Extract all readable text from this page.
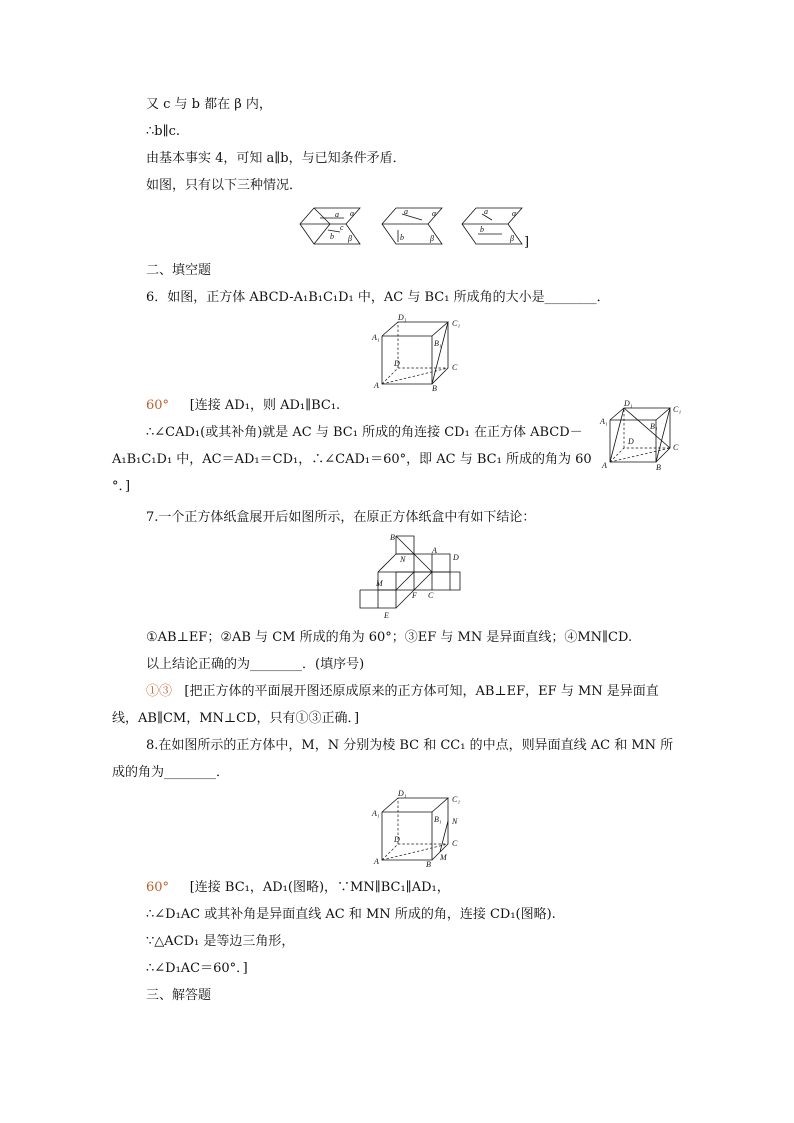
又 c 与 b 都在 β 内，
∴b∥c.
由基本事实 4，可知 a∥b，与已知条件矛盾．
如图，只有以下三种情况．
a α
c
b β
a	α
b	β
a	α
b
β ]
二、填空题
6．如图，正方体 ABCD-A₁B₁C₁D₁ 中，AC 与 BC₁ 所成角的大小是________．
D₁
C₁
A₁
B₁
D	C
A	B
60° [连接 AD₁，则 AD₁∥BC₁.
∴∠CAD₁(或其补角)就是 AC 与 BC₁ 所成的角连接 CD₁ 在正方体 ABCD－
A₁B₁C₁D₁ 中，AC＝AD₁＝CD₁，∴∠CAD₁＝60°，即 AC 与 BC₁ 所成的角为 60
°．]
D₁
C₁
A₁
B₁
D
C
A	B
7.一个正方体纸盒展开后如图所示，在原正方体纸盒中有如下结论：
B
N
A
D
M
F C
E
①AB⊥EF；②AB 与 CM 所成的角为 60°；③EF 与 MN 是异面直线；④MN∥CD.
以上结论正确的为________．(填序号)
①③ [把正方体的平面展开图还原成原来的正方体可知，AB⊥EF，EF 与 MN 是异面直
线，AB∥CM，MN⊥CD，只有①③正确．]
8.在如图所示的正方体中，M，N 分别为棱 BC 和 CC₁ 的中点，则异面直线 AC 和 MN 所
成的角为________．
D₁
C₁
A₁
B₁
D	C
A	B
N
M
60° [连接 BC₁，AD₁(图略)，∵MN∥BC₁∥AD₁，
∴∠D₁AC 或其补角是异面直线 AC 和 MN 所成的角，连接 CD₁(图略).
∵△ACD₁ 是等边三角形，
∴∠D₁AC＝60°．]
三、解答题
